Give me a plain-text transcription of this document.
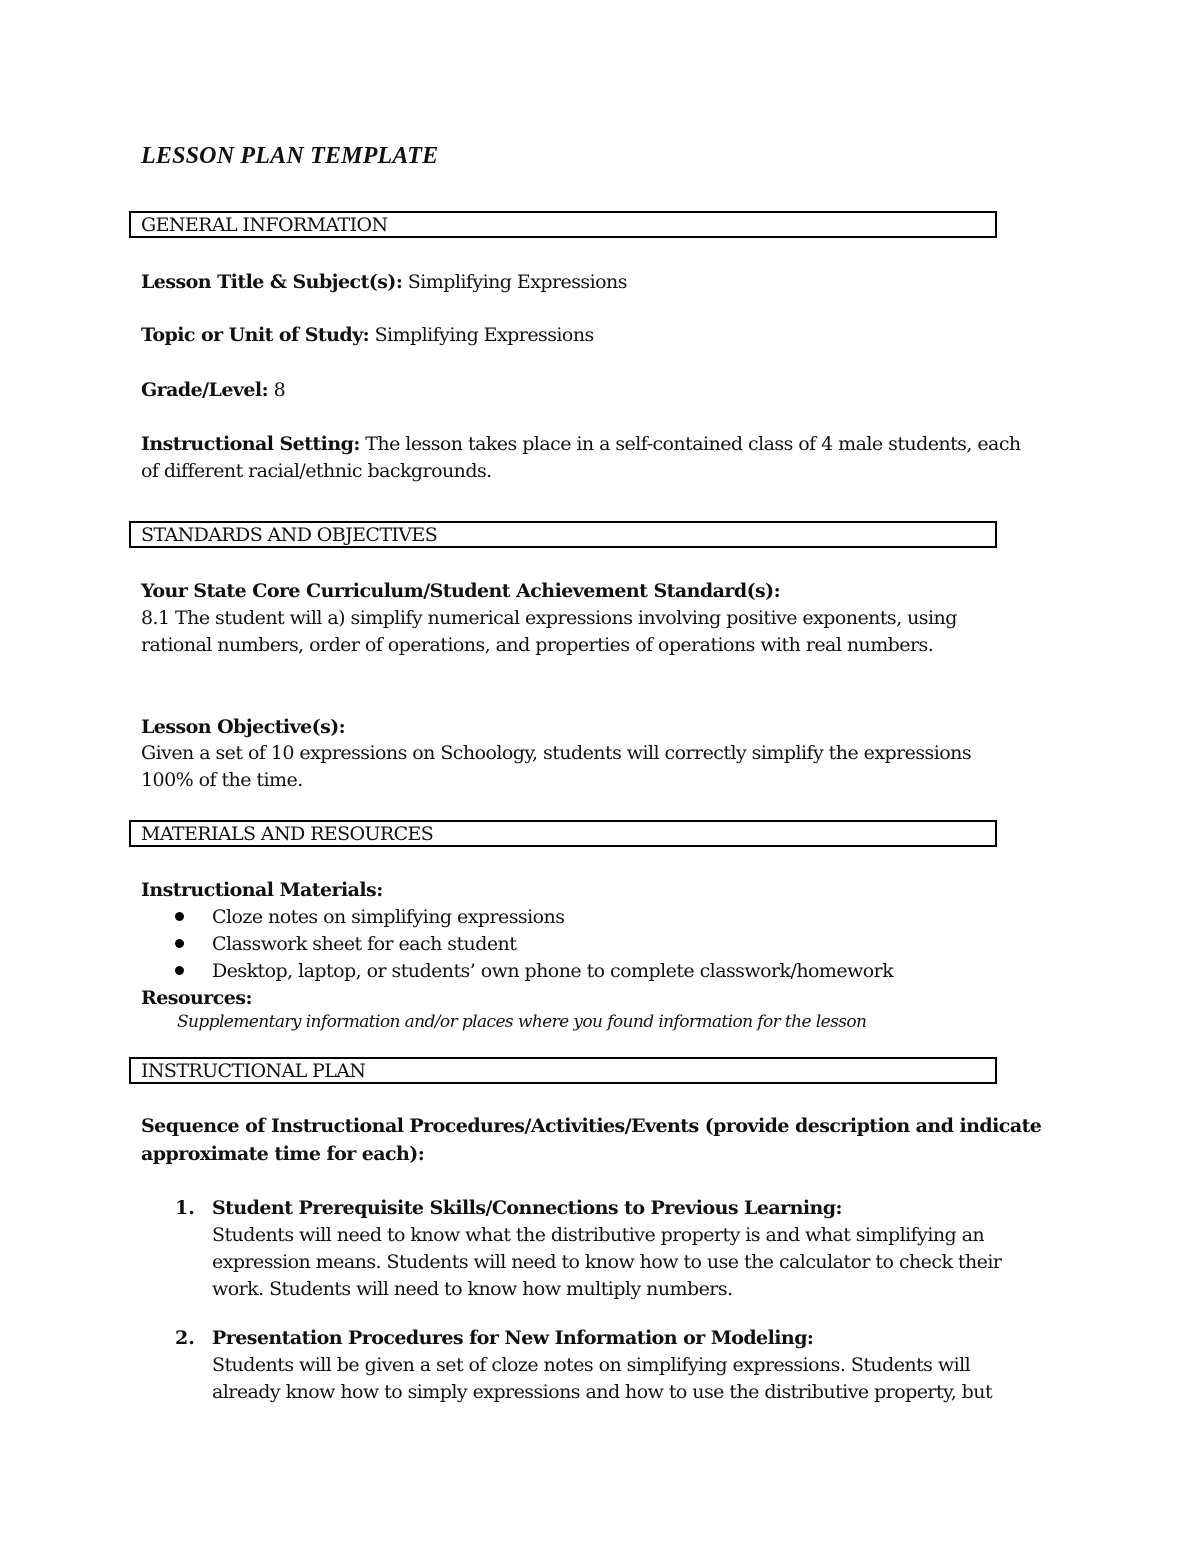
LESSON PLAN TEMPLATE
GENERAL INFORMATION
Lesson Title & Subject(s): Simplifying Expressions
Topic or Unit of Study: Simplifying Expressions
Grade/Level: 8
Instructional Setting: The lesson takes place in a self-contained class of 4 male students, each
of different racial/ethnic backgrounds.
STANDARDS AND OBJECTIVES
Your State Core Curriculum/Student Achievement Standard(s):
8.1 The student will a) simplify numerical expressions involving positive exponents, using
rational numbers, order of operations, and properties of operations with real numbers.
Lesson Objective(s):
Given a set of 10 expressions on Schoology, students will correctly simplify the expressions
100% of the time.
MATERIALS AND RESOURCES
Instructional Materials:
Cloze notes on simplifying expressions
Classwork sheet for each student
Desktop, laptop, or students’ own phone to complete classwork/homework
Resources:
Supplementary information and/or places where you found information for the lesson
INSTRUCTIONAL PLAN
Sequence of Instructional Procedures/Activities/Events (provide description and indicate
approximate time for each):
1. Student Prerequisite Skills/Connections to Previous Learning:
Students will need to know what the distributive property is and what simplifying an
expression means. Students will need to know how to use the calculator to check their
work. Students will need to know how multiply numbers.
2. Presentation Procedures for New Information or Modeling:
Students will be given a set of cloze notes on simplifying expressions. Students will
already know how to simply expressions and how to use the distributive property, but
